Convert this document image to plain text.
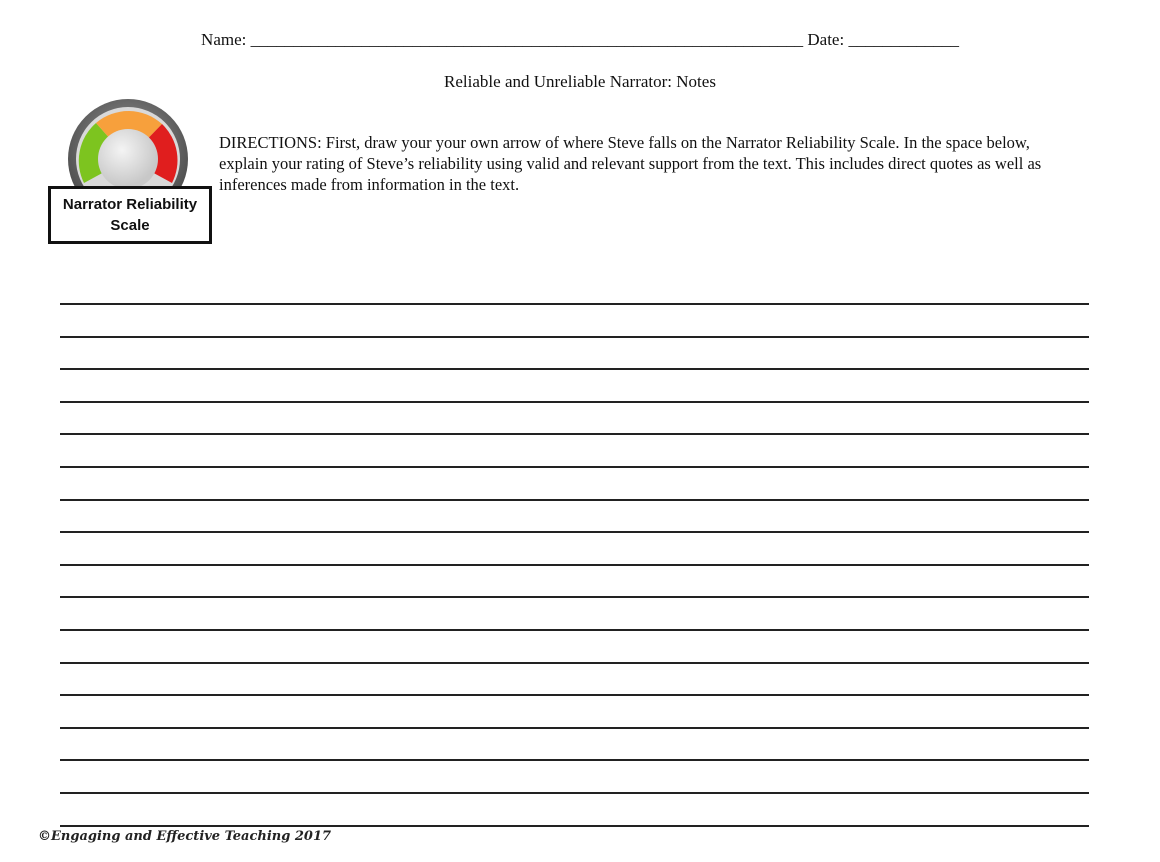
Name: _________________________________________________________________ Date: _____________
Reliable and Unreliable Narrator: Notes
Narrator Reliability Scale
DIRECTIONS: First, draw your your own arrow of where Steve falls on the Narrator Reliability Scale. In the space below, explain your rating of Steve’s reliability using valid and relevant support from the text. This includes direct quotes as well as inferences made from information in the text.
©Engaging and Effective Teaching 2017
